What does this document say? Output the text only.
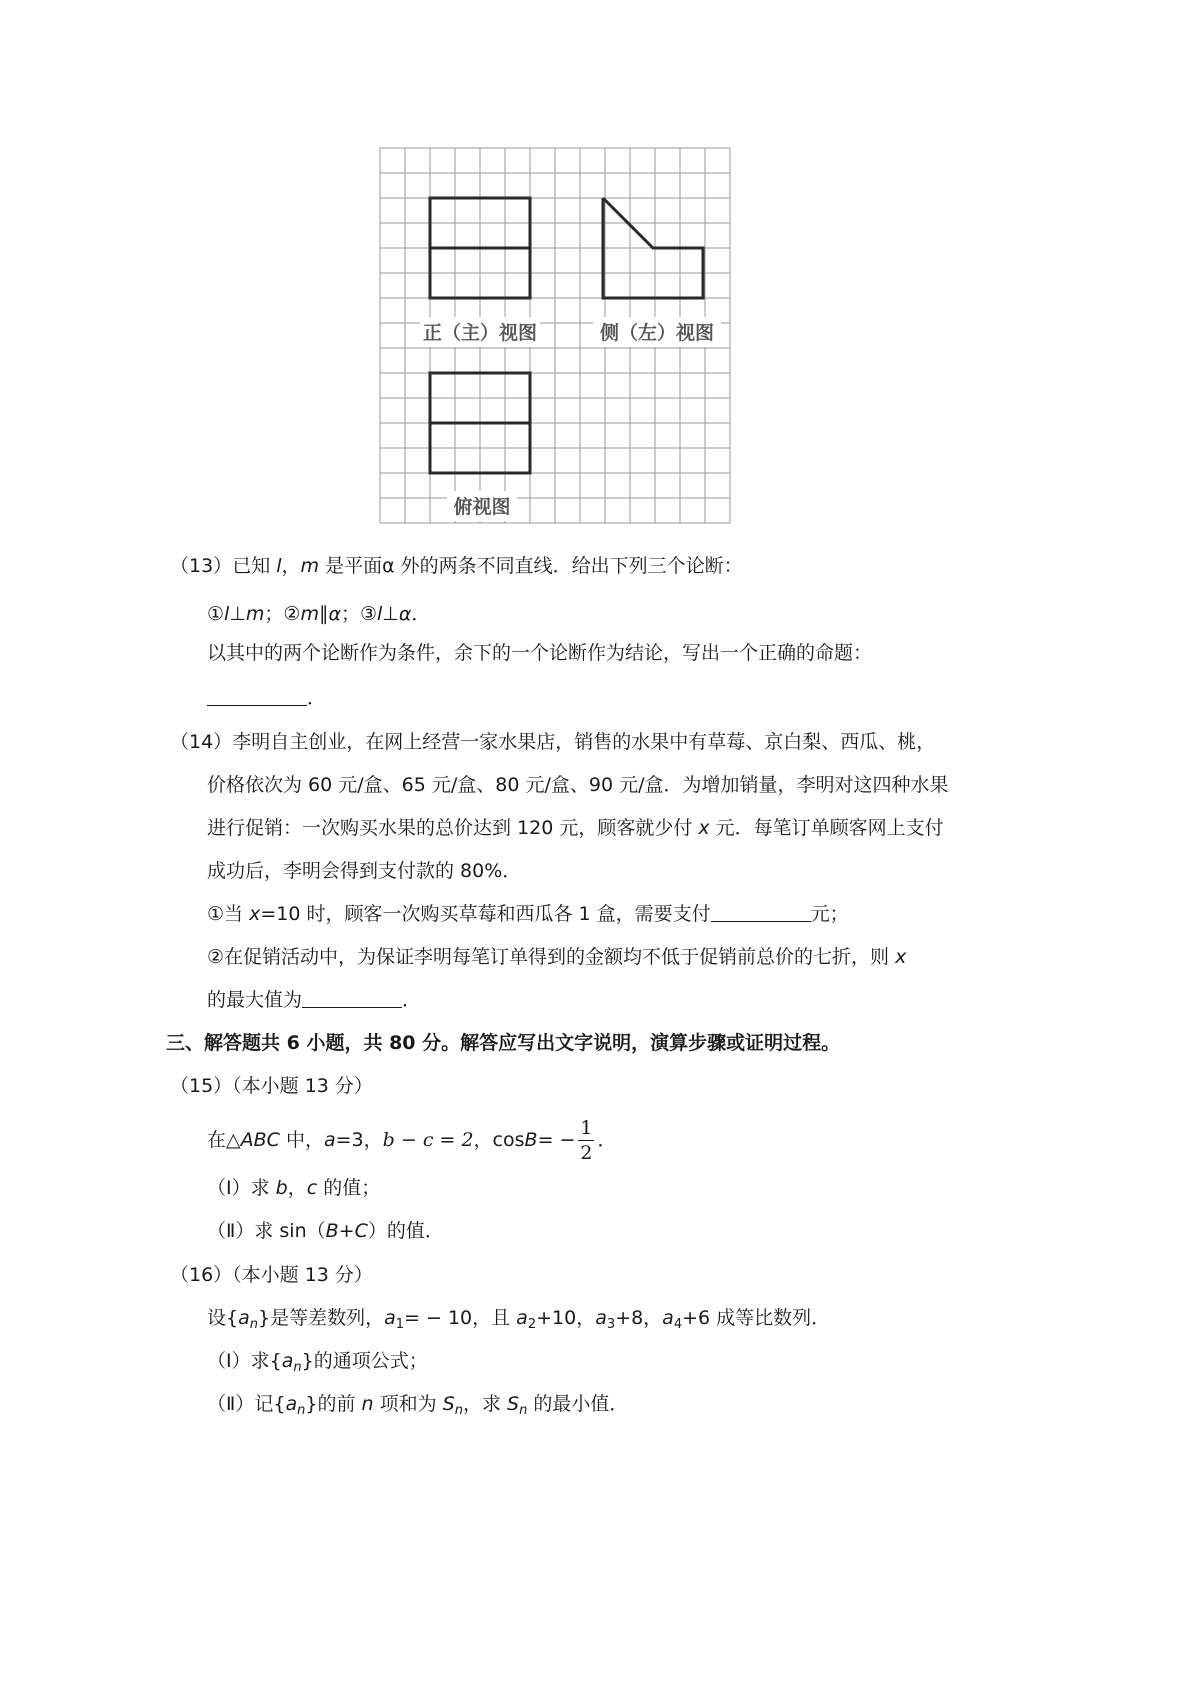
正（主）视图	侧（左）视图
俯视图
（13）已知 l，m 是平面α 外的两条不同直线．给出下列三个论断：
①l⊥m；②m∥α；③l⊥α．
以其中的两个论断作为条件，余下的一个论断作为结论，写出一个正确的命题：
．
（14）李明自主创业，在网上经营一家水果店，销售的水果中有草莓、京白梨、西瓜、桃，
价格依次为 60 元/盒、65 元/盒、80 元/盒、90 元/盒．为增加销量，李明对这四种水果
进行促销：一次购买水果的总价达到 120 元，顾客就少付 x 元．每笔订单顾客网上支付
成功后，李明会得到支付款的 80%．
①当 x=10 时，顾客一次购买草莓和西瓜各 1 盒，需要支付	元；
②在促销活动中，为保证李明每笔订单得到的金额均不低于促销前总价的七折，则 x
的最大值为	．
三、解答题共 6 小题，共 80 分。解答应写出文字说明，演算步骤或证明过程。
（15）（本小题 13 分）
在△ABC 中，a=3，b − c = 2，$\cos B= - \frac{1}{2}$ ．
（Ⅰ）求 b，c 的值；
（Ⅱ）求 sin（B+C）的值．
（16）（本小题 13 分）
设$\{a_n\}$是等差数列，$a_1= - 10$，且 $a_2+10$，$a_3+8$，$a_4+6$ 成等比数列．
（Ⅰ）求$\{a_n\}$的通项公式；
（Ⅱ）记$\{a_n\}$的前 n 项和为 $S_n$，求 $S_n$ 的最小值．
